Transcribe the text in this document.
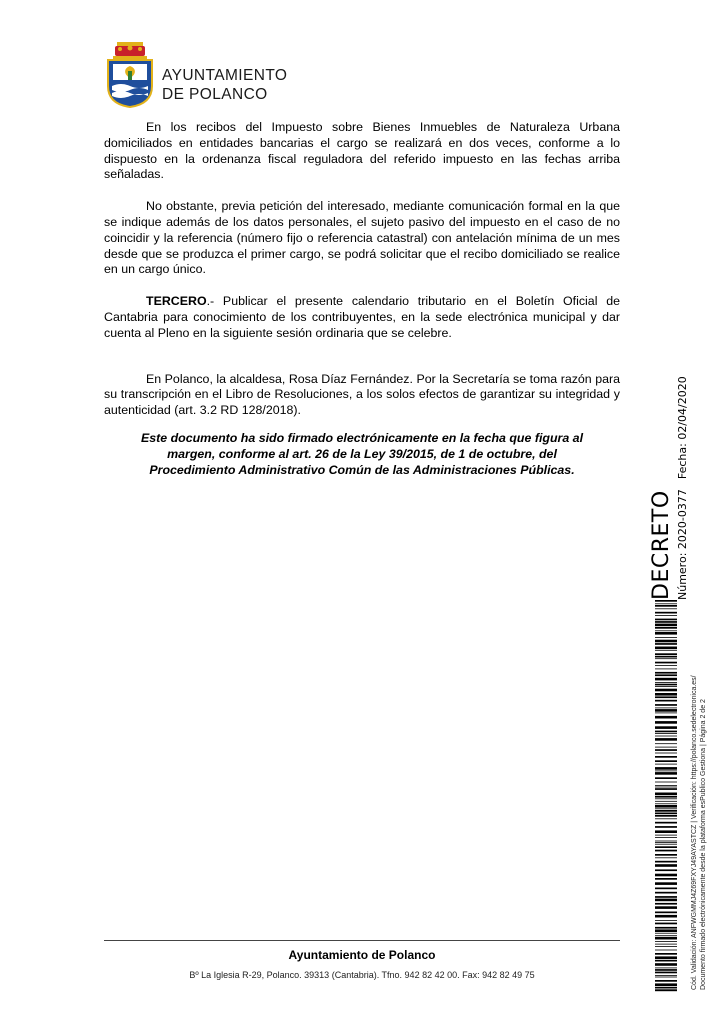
AYUNTAMIENTO
DE POLANCO

En los recibos del Impuesto sobre Bienes Inmuebles de Naturaleza Urbana domiciliados en entidades bancarias el cargo se realizará en dos veces, conforme a lo dispuesto en la ordenanza fiscal reguladora del referido impuesto en las fechas arriba señaladas.

No obstante, previa petición del interesado, mediante comunicación formal en la que se indique además de los datos personales, el sujeto pasivo del impuesto en el caso de no coincidir y la referencia (número fijo o referencia catastral) con antelación mínima de un mes desde que se produzca el primer cargo, se podrá solicitar que el recibo domiciliado se realice en un cargo único.

TERCERO.- Publicar el presente calendario tributario en el Boletín Oficial de Cantabria para conocimiento de los contribuyentes, en la sede electrónica municipal y dar cuenta al Pleno en la siguiente sesión ordinaria que se celebre.

En Polanco, la alcaldesa, Rosa Díaz Fernández. Por la Secretaría se toma razón para su transcripción en el Libro de Resoluciones, a los solos efectos de garantizar su integridad y autenticidad (art. 3.2 RD 128/2018).

Este documento ha sido firmado electrónicamente en la fecha que figura al
margen, conforme al art. 26 de la Ley 39/2015, de 1 de octubre, del
Procedimiento Administrativo Común de las Administraciones Públicas.
DECRETO Número: 2020-0377Fecha: 02/04/2020
Cód. Validación: ANFWGMMJ4Z69FXYJ49AYASTCZ | Verificación: https://polanco.sedelectronica.es/ Documento firmado electrónicamente desde la plataforma esPublico Gestiona | Página 2 de 2
Ayuntamiento de Polanco
Bº La Iglesia R-29, Polanco. 39313 (Cantabria). Tfno. 942 82 42 00. Fax: 942 82 49 75
